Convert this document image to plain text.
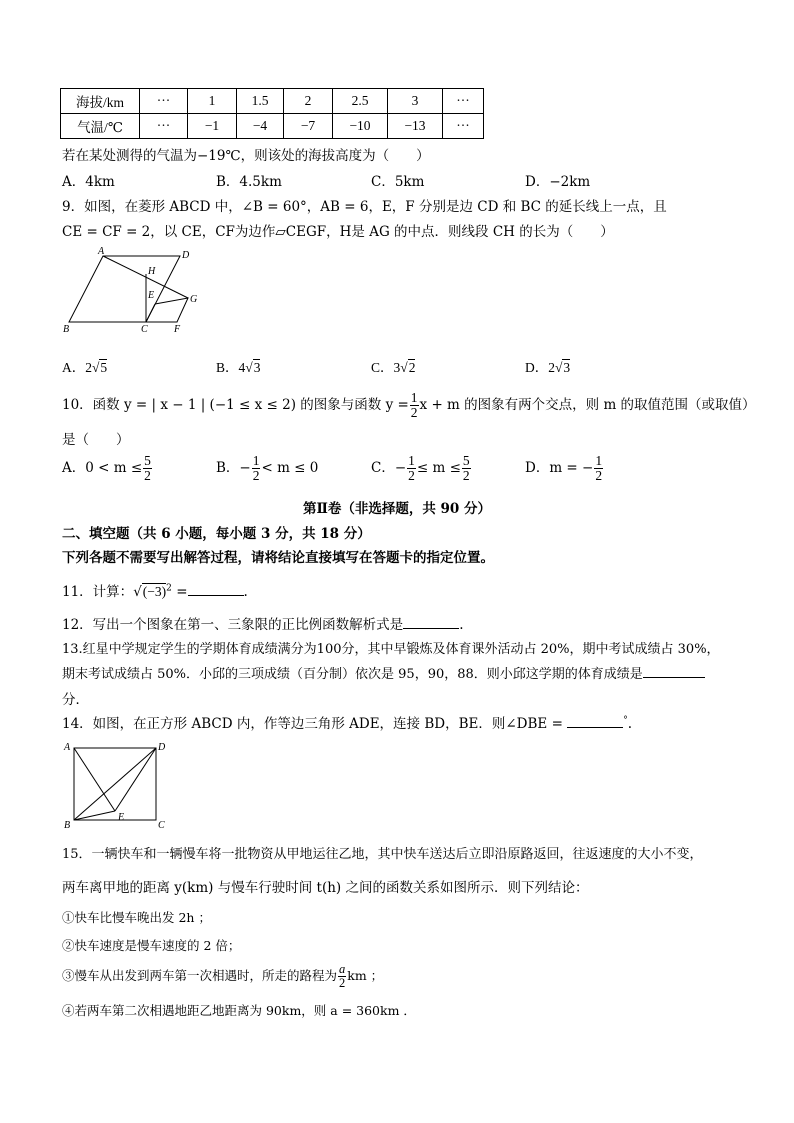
海拔/km	···	1	1.5	2	2.5	3	···
气温/℃	···	−1	−4	−7	−10	−13	···
若在某处测得的气温为−19℃，则该处的海拔高度为（　　）
A．4km	B．4.5km	C．5km	D．−2km
9．如图，在菱形 ABCD 中，∠B = 60°，AB = 6，E，F 分别是边 CD 和 BC 的延长线上一点，且
CE = CF = 2，以 CE，CF为边作▱CEGF，H是 AG 的中点．则线段 CH 的长为（　　）
A	D
H
E	G
B	C	F
A．2√5	B．4√3	C．3√2	D．2√3
10．函数 y = | x − 1 | (−1 ≤ x ≤ 2) 的图象与函数 $y = \frac{1}{2}$ x + m 的图象有两个交点，则 m 的取值范围（或取值）
是（　　）
A．$0 < m \le \frac{5}{2}$	B．− $\frac{1}{2} < m \le 0$	C．− $\frac{1}{2} \le m \le \frac{5}{2}$	D．m = − $\frac{1}{2}$
第Ⅱ卷（非选择题，共 90 分）
二、填空题（共 6 小题，每小题 3 分，共 18 分）
下列各题不需要写出解答过程，请将结论直接填写在答题卡的指定位置。
11．计算：$√(-3)^2$ =	.
12．写出一个图象在第一、三象限的正比例函数解析式是	.
13.红星中学规定学生的学期体育成绩满分为100分，其中早锻炼及体育课外活动占 20%，期中考试成绩占 30%，
期末考试成绩占 50%．小邱的三项成绩（百分制）依次是 95，90，88．则小邱这学期的体育成绩是
分．
14．如图，在正方形 ABCD 内，作等边三角形 ADE，连接 BD，BE．则∠DBE =	°.
A	D
B
E
C
15．一辆快车和一辆慢车将一批物资从甲地运往乙地，其中快车送达后立即沿原路返回，往返速度的大小不变，
两车离甲地的距离 y(km) 与慢车行驶时间 t(h) 之间的函数关系如图所示．则下列结论：
①快车比慢车晚出发 2h ；
②快车速度是慢车速度的 2 倍；
③慢车从出发到两车第一次相遇时，所走的路程为 $\frac{a}{2}$ km ；
④若两车第二次相遇地距乙地距离为 90km，则 a = 360km ．
